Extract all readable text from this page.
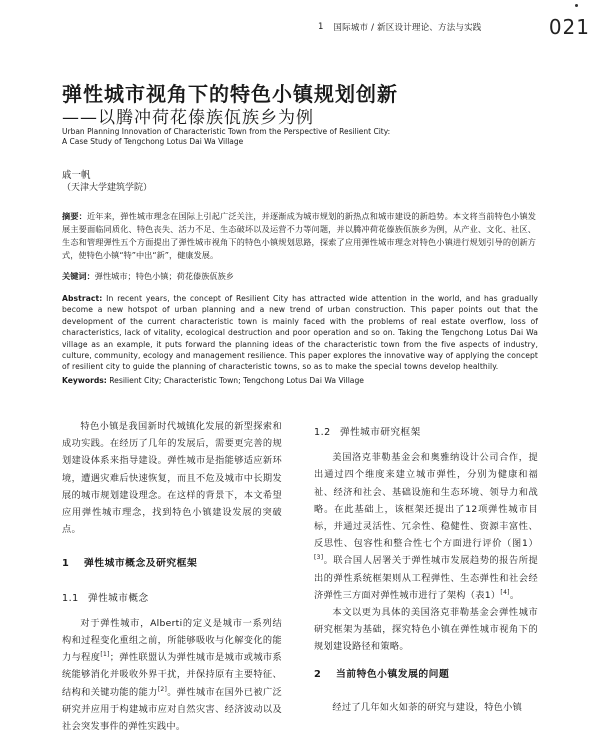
1 国际城市 / 新区设计理论、方法与实践	021
弹性城市视角下的特色小镇规划创新
——以腾冲荷花傣族佤族乡为例
Urban Planning Innovation of Characteristic Town from the Perspective of Resilient City:
A Case Study of Tengchong Lotus Dai Wa Village
戚一帆
（天津大学建筑学院）
摘要：近年来，弹性城市理念在国际上引起广泛关注，并逐渐成为城市规划的新热点和城市建设的新趋势。本文将当前特色小镇发展主要面临同质化、特色丧失、活力不足、生态破坏以及运营不力等问题，并以腾冲荷花傣族佤族乡为例，从产业、文化、社区、生态和管理弹性五个方面提出了弹性城市视角下的特色小镇规划思路，探索了应用弹性城市理念对特色小镇进行规划引导的创新方式，使特色小镇“特”中出“新”，健康发展。
关键词：弹性城市；特色小镇；荷花傣族佤族乡
Abstract: In recent years, the concept of Resilient City has attracted wide attention in the world, and has gradually become a new hotspot of urban planning and a new trend of urban construction. This paper points out that the development of the current characteristic town is mainly faced with the problems of real estate overflow, loss of characteristics, lack of vitality, ecological destruction and poor operation and so on. Taking the Tengchong Lotus Dai Wa village as an example, it puts forward the planning ideas of the characteristic town from the five aspects of industry, culture, community, ecology and management resilience. This paper explores the innovative way of applying the concept of resilient city to guide the planning of characteristic towns, so as to make the special towns develop healthily.
Keywords: Resilient City; Characteristic Town; Tengchong Lotus Dai Wa Village

特色小镇是我国新时代城镇化发展的新型探索和成功实践。在经历了几年的发展后，需要更完善的规划建设体系来指导建设。弹性城市是指能够适应新环境，遭遇灾难后快速恢复，而且不危及城市中长期发展的城市规划建设理念。在这样的背景下，本文希望应用弹性城市理念，找到特色小镇建设发展的突破点。

1 弹性城市概念及研究框架
1.1 弹性城市概念

对于弹性城市，Alberti的定义是城市一系列结构和过程变化重组之前，所能够吸收与化解变化的能力与程度[1]；弹性联盟认为弹性城市是城市或城市系统能够消化并吸收外界干扰，并保持原有主要特征、结构和关键功能的能力[2]。弹性城市在国外已被广泛研究并应用于构建城市应对自然灾害、经济波动以及社会突发事件的弹性实践中。

1.2 弹性城市研究框架

美国洛克菲勒基金会和奥雅纳设计公司合作，提出通过四个维度来建立城市弹性，分别为健康和福祉、经济和社会、基础设施和生态环境、领导力和战略。在此基础上，该框架还提出了12项弹性城市目标，并通过灵活性、冗余性、稳健性、资源丰富性、反思性、包容性和整合性七个方面进行评价（图1）[3]。联合国人居署关于弹性城市发展趋势的报告所提出的弹性系统框架则从工程弹性、生态弹性和社会经济弹性三方面对弹性城市进行了架构（表1）[4]。

本文以更为具体的美国洛克菲勒基金会弹性城市研究框架为基础，探究特色小镇在弹性城市视角下的规划建设路径和策略。

2 当前特色小镇发展的问题

经过了几年如火如荼的研究与建设，特色小镇
